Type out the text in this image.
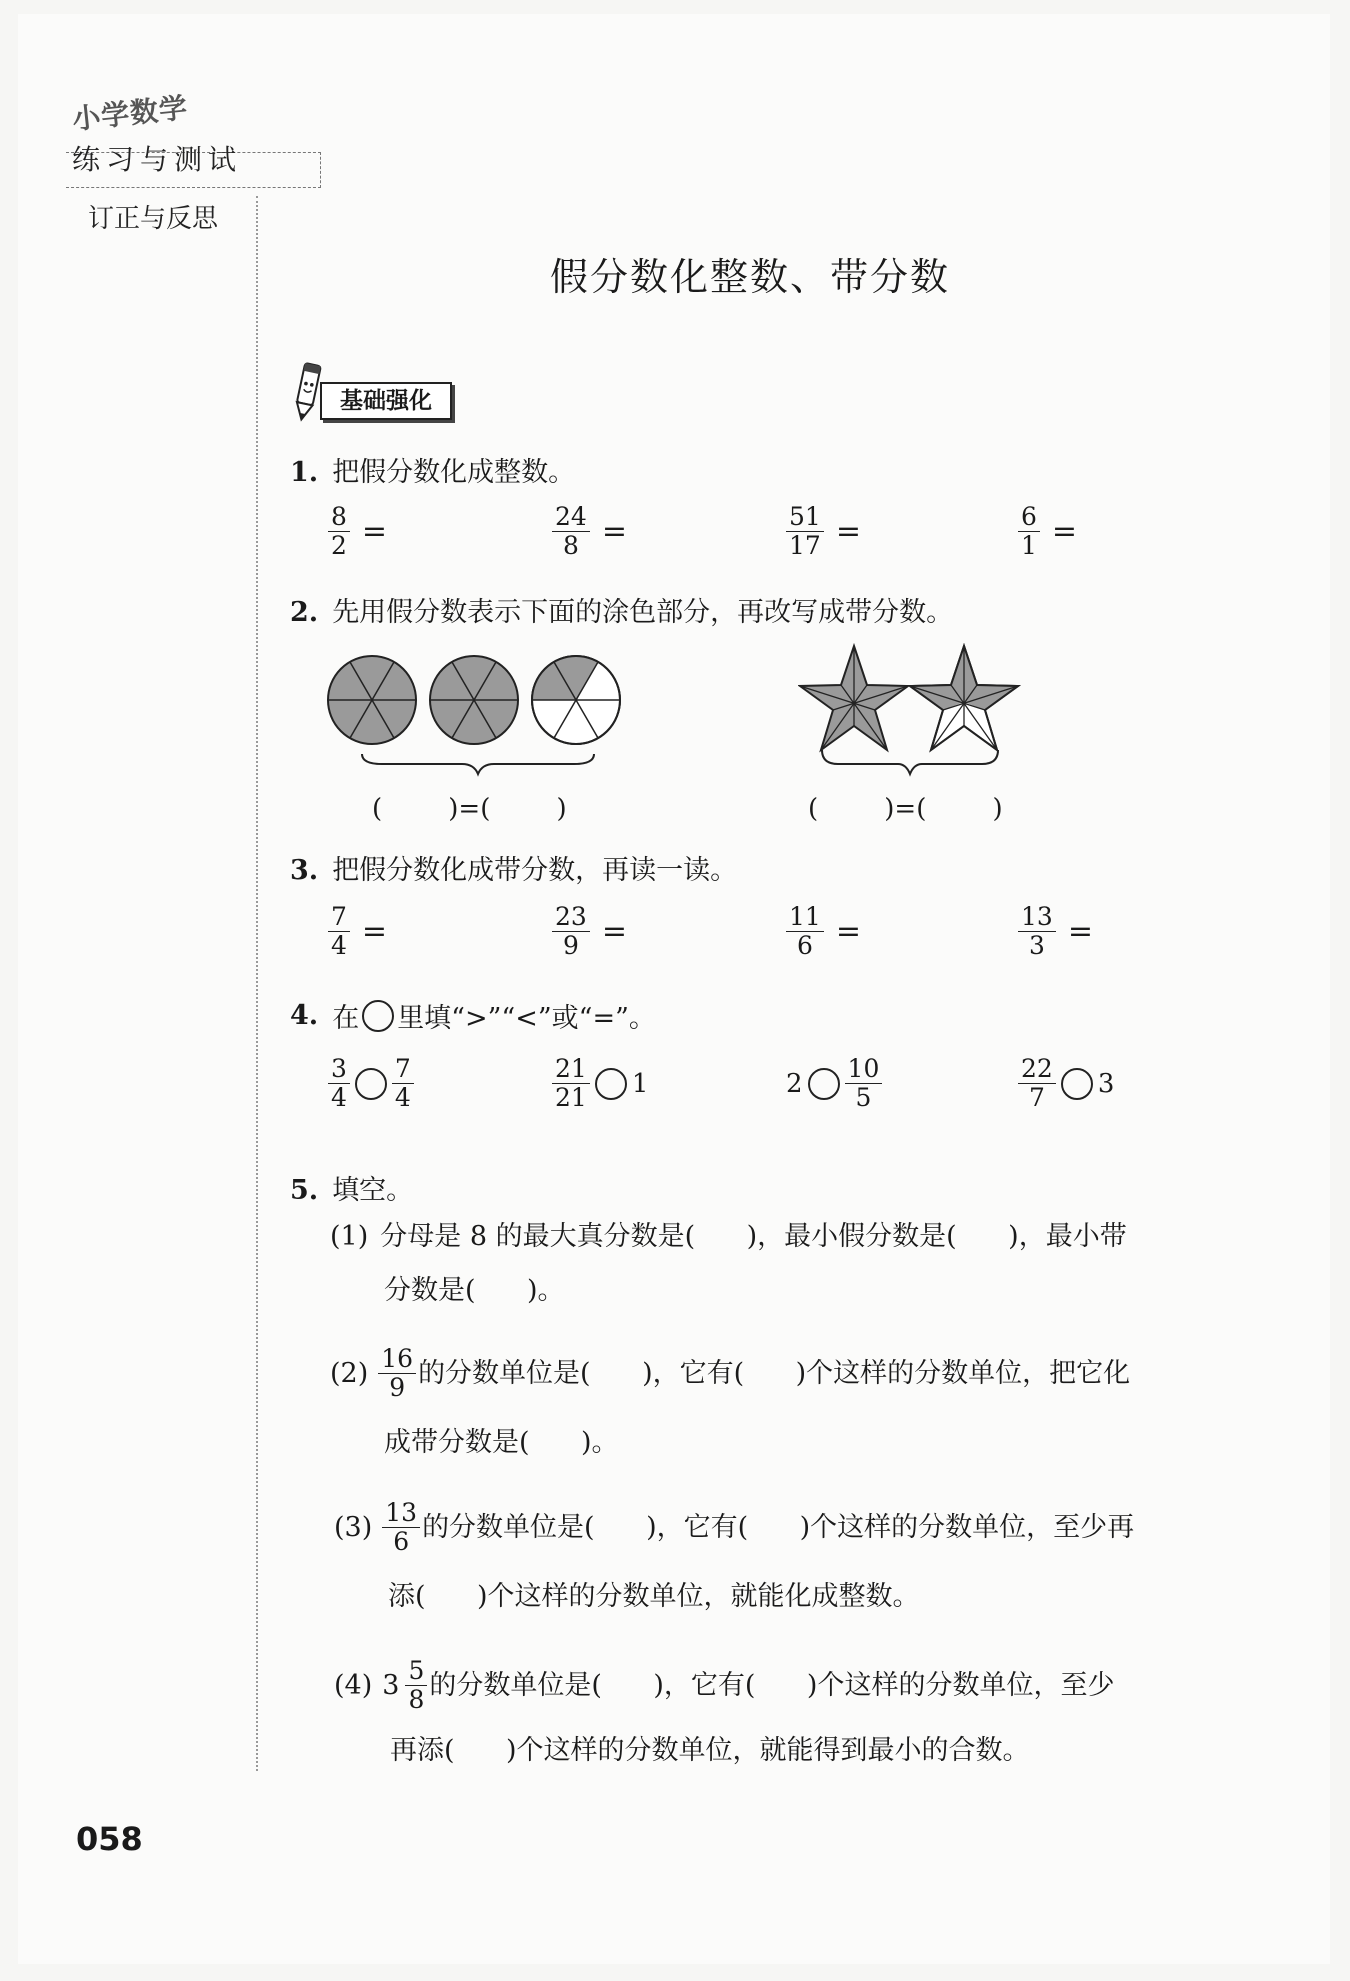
小学数学
练习与测试
订正与反思
假分数化整数、带分数
基础强化
1. 把假分数化成整数。
$\frac{8}{2}$ =	$\frac{24}{8}$ =	$\frac{51}{17}$ =	$\frac{6}{1}$ =
2. 先用假分数表示下面的涂色部分，再改写成带分数。
(        )=(        )	(        )=(        )
3. 把假分数化成带分数，再读一读。
$\frac{7}{4}$ =	$\frac{23}{9}$ =	$\frac{11}{6}$ =	$\frac{13}{3}$ =
4. 在 里填“>”“<”或“=”。
$\frac{3}{4} \frac{7}{4}$	$\frac{21}{21} 1$	$2 \frac{10}{5}$	$\frac{22}{7} 3$
5. 填空。
(1) 分母是 8 的最大真分数是(      )，最小假分数是(      )，最小带
分数是(      )。
$(2) \frac{16}{9}$ 的分数单位是(      )，它有(      )个这样的分数单位，把它化
成带分数是(      )。
$(3) \frac{13}{6}$ 的分数单位是(      )，它有(      )个这样的分数单位，至少再
添(      )个这样的分数单位，就能化成整数。
(4) $3 \frac{5}{8}$ 的分数单位是(      )，它有(      )个这样的分数单位，至少
再添(      )个这样的分数单位，就能得到最小的合数。
058
